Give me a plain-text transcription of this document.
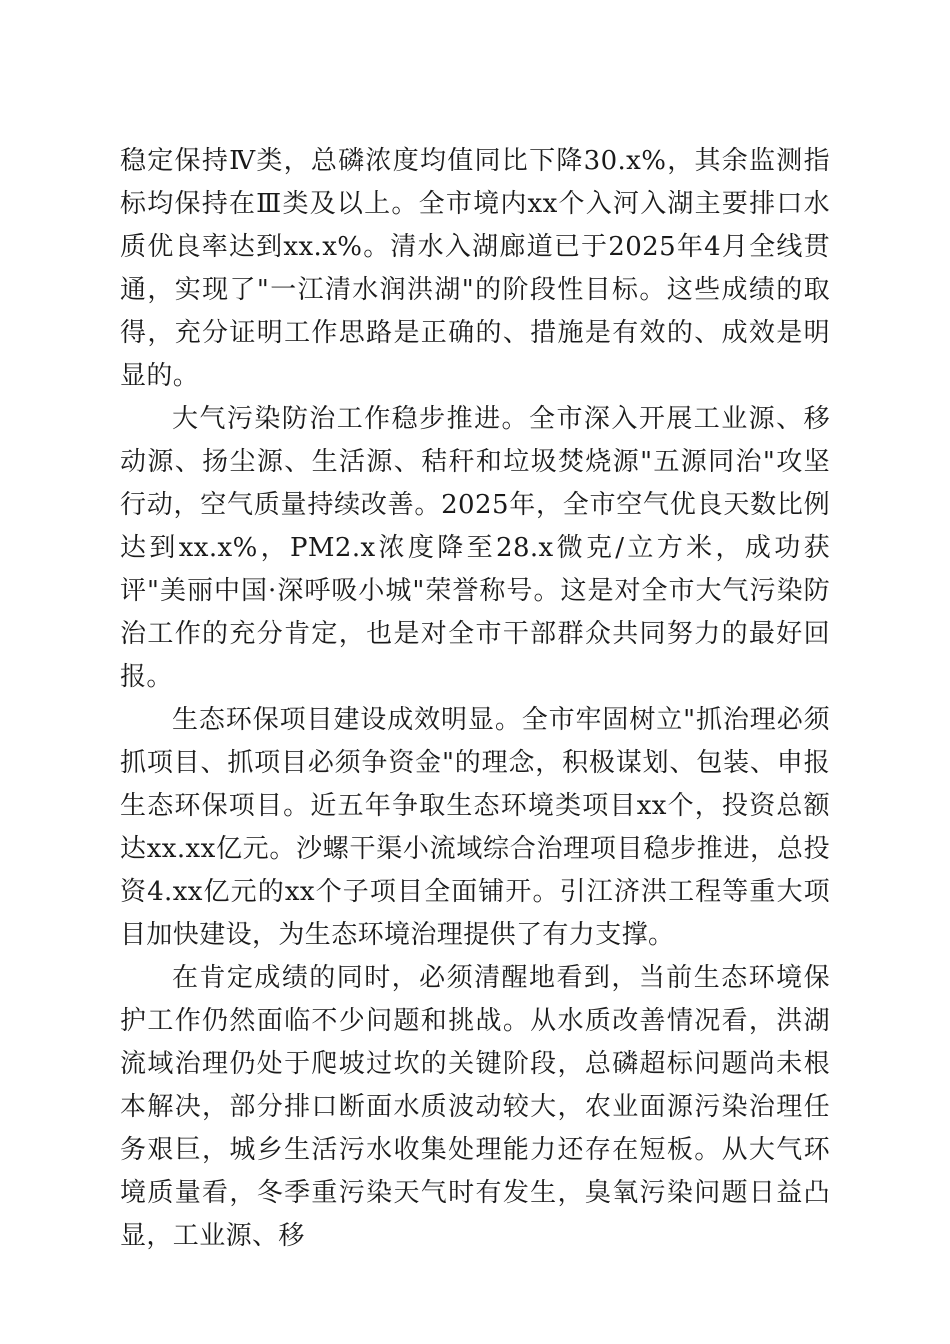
稳定保持Ⅳ类，总磷浓度均值同比下降30.x%，其余监测指标均保持在Ⅲ类及以上。全市境内xx个入河入湖主要排口水质优良率达到xx.x%。清水入湖廊道已于2025年4月全线贯通，实现了"一江清水润洪湖"的阶段性目标。这些成绩的取得，充分证明工作思路是正确的、措施是有效的、成效是明显的。

大气污染防治工作稳步推进。全市深入开展工业源、移动源、扬尘源、生活源、秸秆和垃圾焚烧源"五源同治"攻坚行动，空气质量持续改善。2025年，全市空气优良天数比例达到xx.x%，PM2.x浓度降至28.x微克/立方米，成功获评"美丽中国·深呼吸小城"荣誉称号。这是对全市大气污染防治工作的充分肯定，也是对全市干部群众共同努力的最好回报。

生态环保项目建设成效明显。全市牢固树立"抓治理必须抓项目、抓项目必须争资金"的理念，积极谋划、包装、申报生态环保项目。近五年争取生态环境类项目xx个，投资总额达xx.xx亿元。沙螺干渠小流域综合治理项目稳步推进，总投资4.xx亿元的xx个子项目全面铺开。引江济洪工程等重大项目加快建设，为生态环境治理提供了有力支撑。

在肯定成绩的同时，必须清醒地看到，当前生态环境保护工作仍然面临不少问题和挑战。从水质改善情况看，洪湖流域治理仍处于爬坡过坎的关键阶段，总磷超标问题尚未根本解决，部分排口断面水质波动较大，农业面源污染治理任务艰巨，城乡生活污水收集处理能力还存在短板。从大气环境质量看，冬季重污染天气时有发生，臭氧污染问题日益凸显，工业源、移
